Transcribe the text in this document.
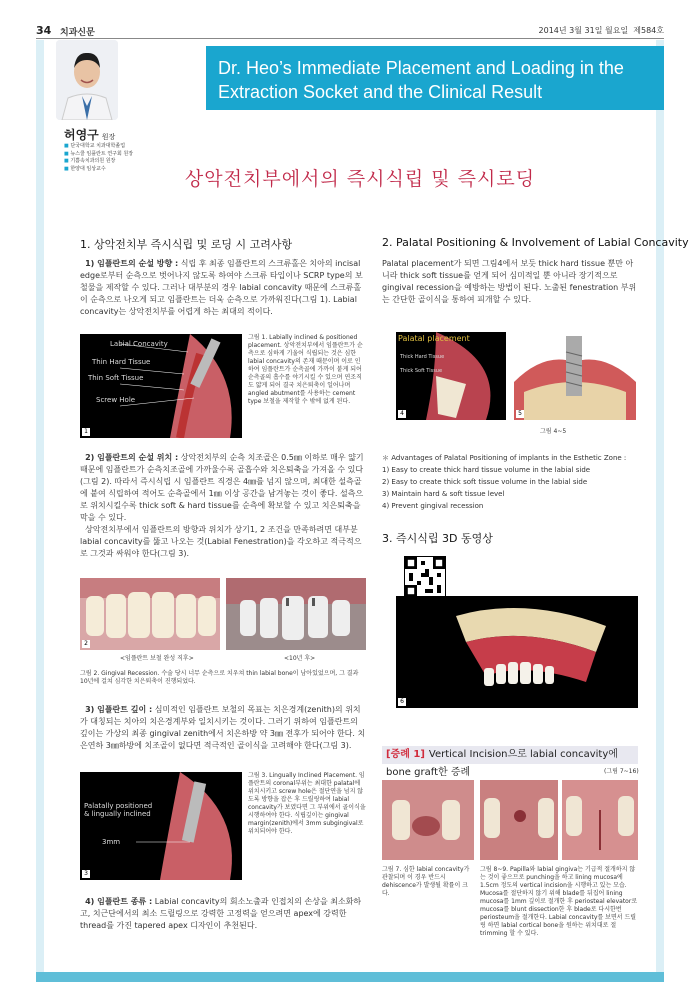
34 치과신문	2014년 3월 31일 월요일 제584호
Dr. Heo’s Immediate Placement and Loading in the
Extraction Socket and the Clinical Result
허영구 원장
■ 단국대학교 치과대학졸업
■ 뉴스쿨 임플란트 연구회 원장
■ 기쁨속치과의원 원장
■ 한양대 임상교수	상악전치부에서의 즉시식립 및 즉시로딩
1. 상악전치부 즉시식립 및 로딩 시 고려사항
1) 임플란트의 순설 방향 : 식립 후 최종 임플란트의 스크류홀은 치아의 incisal edge로부터 순측으로 벗어나지 않도록 하여야 스크류 타입이나 SCRP type의 보철물을 제작할 수 있다. 그러나 대부분의 경우 labial concavity 때문에 스크류홀이 순측으로 나오게 되고 임플란트는 더욱 순측으로 가까워진다(그림 1). Labial concavity는 상악전치부를 어렵게 하는 최대의 적이다.
Labial Concavity
Thin Hard Tissue
Thin Soft Tissue
Screw Hole
1
그림 1. Labially inclined & positioned placement. 상악전치부에서 임플란트가 순측으로 심하게 기울어 식립되는 것은 심한 labial concavity의 존재 때문이며 이로 인하여 임플란트가 순측골에 가까이 붙게 되어 순측골의 흡수를 야기시킬 수 있으며 연조직도 얇게 되어 결국 치은퇴축이 일어나며 angled abutment를 사용하는 cement type 보철을 제작할 수 밖에 없게 된다.
2) 임플란트의 순설 위치 : 상악전치부의 순측 치조골은 0.5㎜ 이하로 매우 얇기 때문에 임플란트가 순측치조골에 가까울수록 골흡수와 치은퇴축을 가져올 수 있다(그림 2). 따라서 즉시식립 시 임플란트 직경은 4㎜를 넘지 않으며, 최대한 설측골에 붙여 식립하여 적어도 순측골에서 1㎜ 이상 공간을 남겨놓는 것이 좋다. 설측으로 위치시킬수록 thick soft & hard tissue를 순측에 확보할 수 있고 치은퇴축을 막을 수 있다.
상악전치부에서 임플란트의 방향과 위치가 상기1, 2 조건을 만족하려면 대부분 labial concavity를 뚫고 나오는 것(Labial Fenestration)을 각오하고 적극적으로 그것과 싸워야 한다(그림 3).
2
<임플란트 보철 완성 직후>	<10년 후>
그림 2. Gingival Recession. 수술 당시 너무 순측으로 치우쳐 thin labial bone이 남아있었으며, 그 결과 10년에 걸쳐 심각한 치은퇴축이 진행되었다.
3) 임플란트 깊이 : 심미적인 임플란트 보철의 목표는 치은경계(zenith)의 위치가 대칭되는 치아의 치은경계부와 일치시키는 것이다. 그러기 위하여 임플란트의 깊이는 가상의 최종 gingival zenith에서 치은하방 약 3㎜ 전후가 되어야 한다. 치은연하 3㎜하방에 치조골이 없다면 적극적인 골이식을 고려해야 한다(그림 3).
Palatally positioned & lingually inclined
3mm
3
그림 3. Lingually Inclined Placement. 임플란트의 coronal부위는 최대한 palatal에 위치시키고 screw hole은 절단연을 넘지 않도록 방향을 잡은 후 드릴링하여 labial concavity가 보였다면 그 부위에서 골이식을 시행하여야 한다. 식립깊이는 gingival margin(zenith)에서 3mm subgingival로 위치되어야 한다.
4) 임플란트 종류 : Labial concavity의 회소노출과 인접치의 손상을 최소화하고, 치근단에서의 최소 드릴링으로 강력한 고정력을 얻으려면 apex에 강력한 thread를 가진 tapered apex 디자인이 추천된다.
2. Palatal Positioning & Involvement of Labial Concavity
Palatal placement가 되면 그림4에서 보듯 thick hard tissue 뿐만 아니라 thick soft tissue를 얻게 되어 심미적일 뿐 아니라 장기적으로 gingival recession을 예방하는 방법이 된다. 노출된 fenestration 부위는 간단한 골이식을 통하여 피개할 수 있다.
Palatal placement
Thick Hard Tissue
Thick Soft Tissue
4	5
그림 4~5
＊ Advantages of Palatal Positioning of implants in the Esthetic Zone :
1) Easy to create thick hard tissue volume in the labial side
2) Easy to create thick soft tissue volume in the labial side
3) Maintain hard & soft tissue level
4) Prevent gingival recession
3. 즉시식립 3D 동영상
6
[증례 1] Vertical Incision으로 labial concavity에 bone graft한 증례	(그림 7~16)
그림 7. 심한 labial concavity가 관찰되며 이 경우 반드시 dehiscence가 발생될 확률이 크다.
그림 8~9. Papilla와 labial gingiva는 기급적 절개하지 않는 것이 좋으므로 punching을 하고 lining mucosa에 1.5cm 정도의 vertical incision을 시행하고 있는 모습. Mucosa를 절단하지 않기 위해 blade를 뒤집어 lining mucosa를 1mm 깊이로 절개한 후 periosteal elevator로 mucosa를 blunt dissection한 후 blade로 다시한번 periosteum을 절개한다. Labial concavity를 보면서 드릴링 하면 labial cortical bone을 원하는 위치대로 절 trimming 할 수 있다.
